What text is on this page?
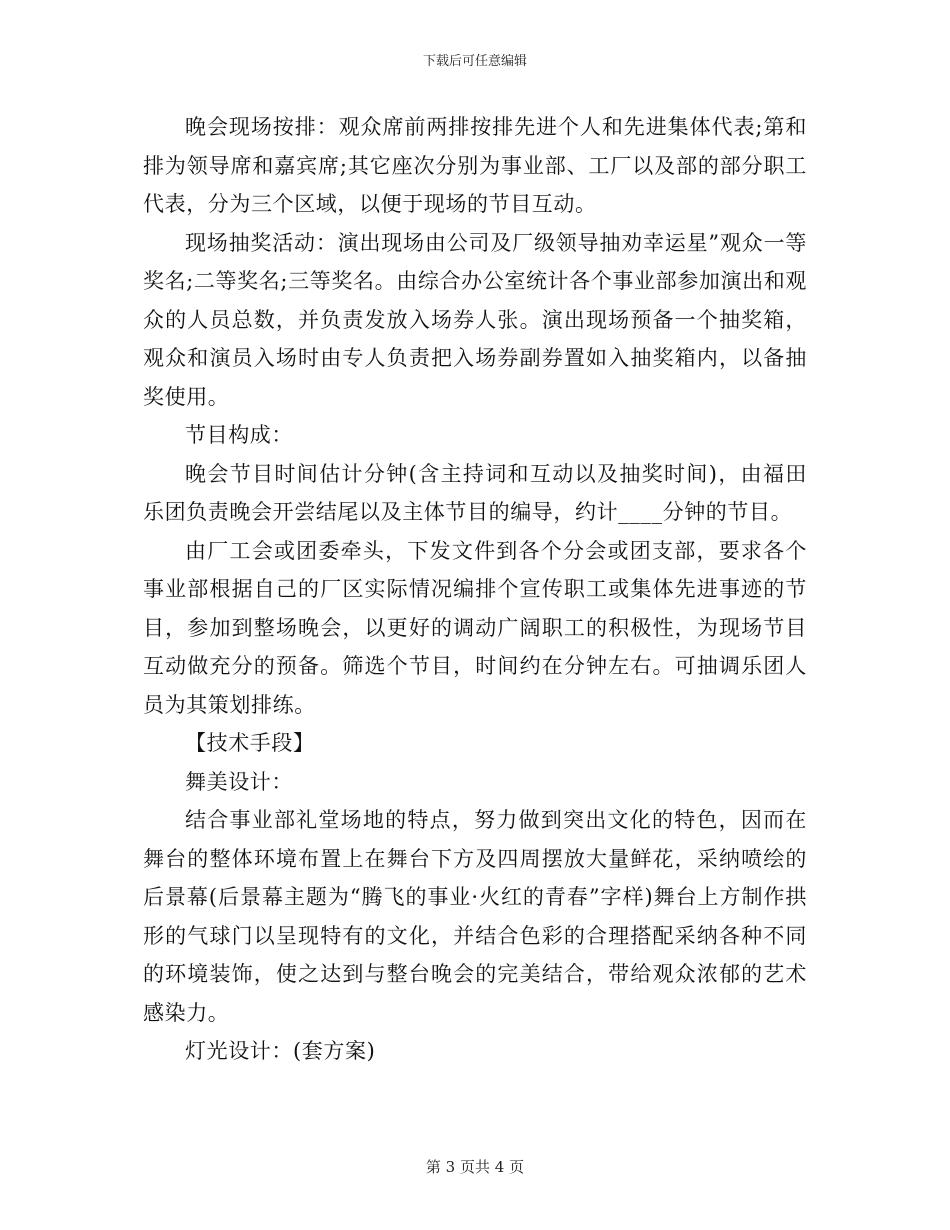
下载后可任意编辑

晚会现场按排：观众席前两排按排先进个人和先进集体代表;第和排为领导席和嘉宾席;其它座次分别为事业部、工厂以及部的部分职工代表，分为三个区域，以便于现场的节目互动。

现场抽奖活动：演出现场由公司及厂级领导抽劝幸运星”观众一等奖名;二等奖名;三等奖名。由综合办公室统计各个事业部参加演出和观众的人员总数，并负责发放入场券人张。演出现场预备一个抽奖箱，观众和演员入场时由专人负责把入场券副券置如入抽奖箱内，以备抽奖使用。

节目构成：

晚会节目时间估计分钟(含主持词和互动以及抽奖时间)，由福田乐团负责晚会开尝结尾以及主体节目的编导，约计____分钟的节目。

由厂工会或团委牵头，下发文件到各个分会或团支部，要求各个事业部根据自己的厂区实际情况编排个宣传职工或集体先进事迹的节目，参加到整场晚会，以更好的调动广阔职工的积极性，为现场节目互动做充分的预备。筛选个节目，时间约在分钟左右。可抽调乐团人员为其策划排练。

【技术手段】

舞美设计：

结合事业部礼堂场地的特点，努力做到突出文化的特色，因而在舞台的整体环境布置上在舞台下方及四周摆放大量鲜花，采纳喷绘的后景幕(后景幕主题为“腾飞的事业·火红的青春”字样)舞台上方制作拱形的气球门以呈现特有的文化，并结合色彩的合理搭配采纳各种不同的环境装饰，使之达到与整台晚会的完美结合，带给观众浓郁的艺术感染力。

灯光设计：(套方案)

第 3 页共 4 页
